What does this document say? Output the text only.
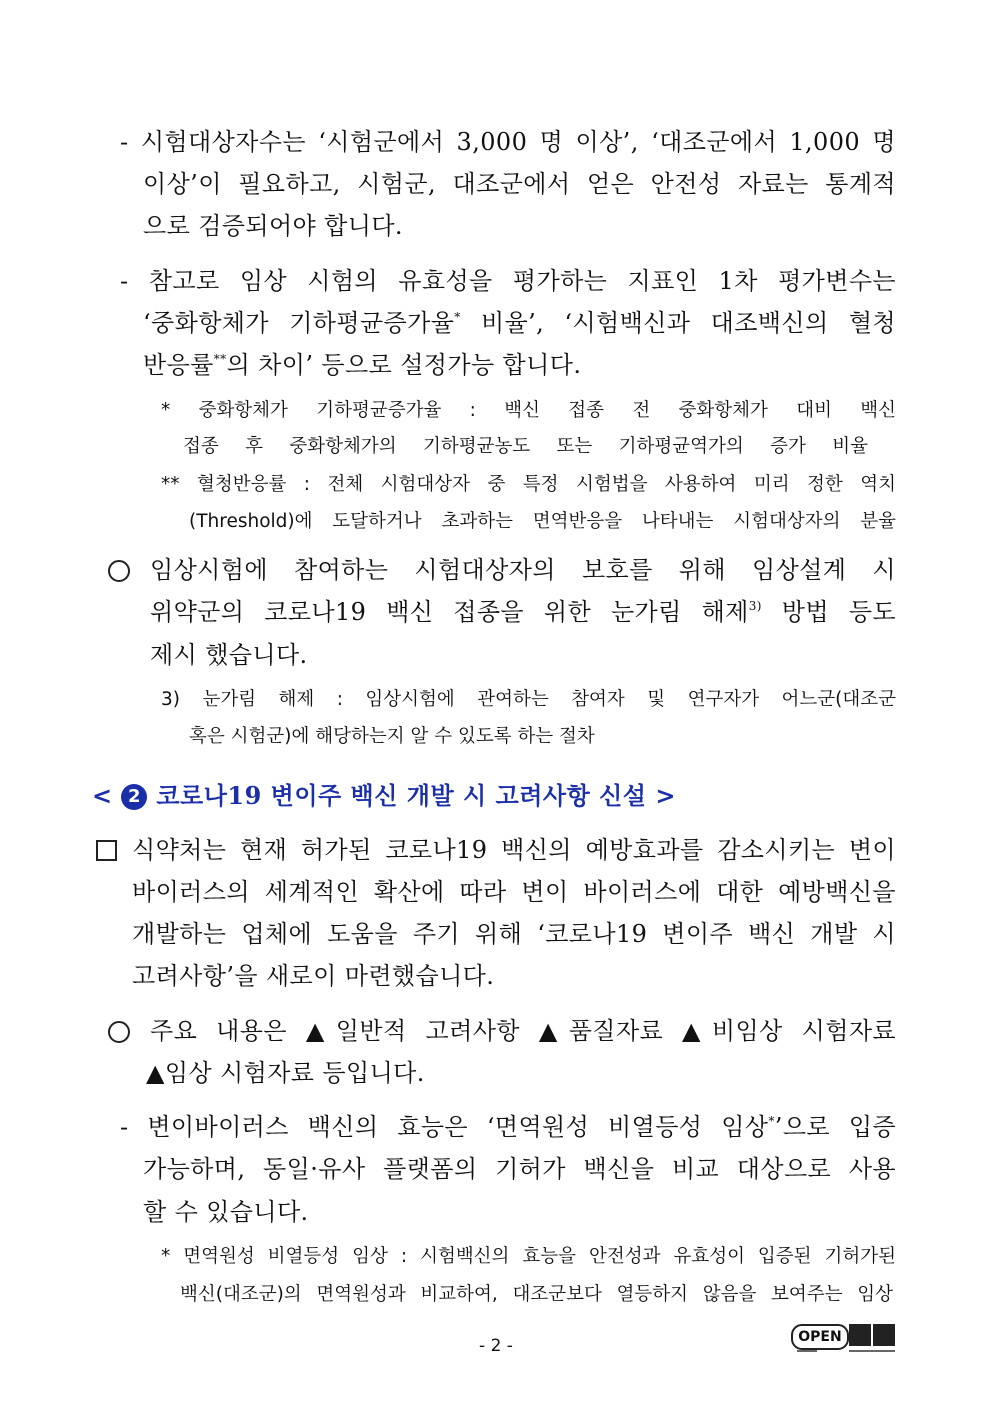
- 시험대상자수는 ‘시험군에서 3,000 명 이상’, ‘대조군에서 1,000 명
이상’이 필요하고, 시험군, 대조군에서 얻은 안전성 자료는 통계적
으로 검증되어야 합니다.
- 참고로 임상 시험의 유효성을 평가하는 지표인 1차 평가변수는
‘중화항체가 기하평균증가율* 비율’, ‘시험백신과 대조백신의 혈청
반응률**의 차이’ 등으로 설정가능 합니다.
* 중화항체가 기하평균증가율 : 백신 접종 전 중화항체가 대비 백신
접종 후 중화항체가의 기하평균농도 또는 기하평균역가의 증가 비율
** 혈청반응률 : 전체 시험대상자 중 특정 시험법을 사용하여 미리 정한 역치
(Threshold)에 도달하거나 초과하는 면역반응을 나타내는 시험대상자의 분율
임상시험에 참여하는 시험대상자의 보호를 위해 임상설계 시
위약군의 코로나19 백신 접종을 위한 눈가림 해제$^{3)}$ 방법 등도
제시 했습니다.
3) 눈가림 해제 : 임상시험에 관여하는 참여자 및 연구자가 어느군(대조군
혹은 시험군)에 해당하는지 알 수 있도록 하는 절차
< 2 코로나19 변이주 백신 개발 시 고려사항 신설 >
식약처는 현재 허가된 코로나19 백신의 예방효과를 감소시키는 변이
바이러스의 세계적인 확산에 따라 변이 바이러스에 대한 예방백신을
개발하는 업체에 도움을 주기 위해 ‘코로나19 변이주 백신 개발 시
고려사항’을 새로이 마련했습니다.
주요 내용은 ▲일반적 고려사항 ▲품질자료 ▲비임상 시험자료
▲임상 시험자료 등입니다.
- 변이바이러스 백신의 효능은 ‘면역원성 비열등성 임상*’으로 입증
가능하며, 동일·유사 플랫폼의 기허가 백신을 비교 대상으로 사용
할 수 있습니다.
* 면역원성 비열등성 임상 : 시험백신의 효능을 안전성과 유효성이 입증된 기허가된
백신(대조군)의 면역원성과 비교하여, 대조군보다 열등하지 않음을 보여주는 임상
- 2 -	OPEN
